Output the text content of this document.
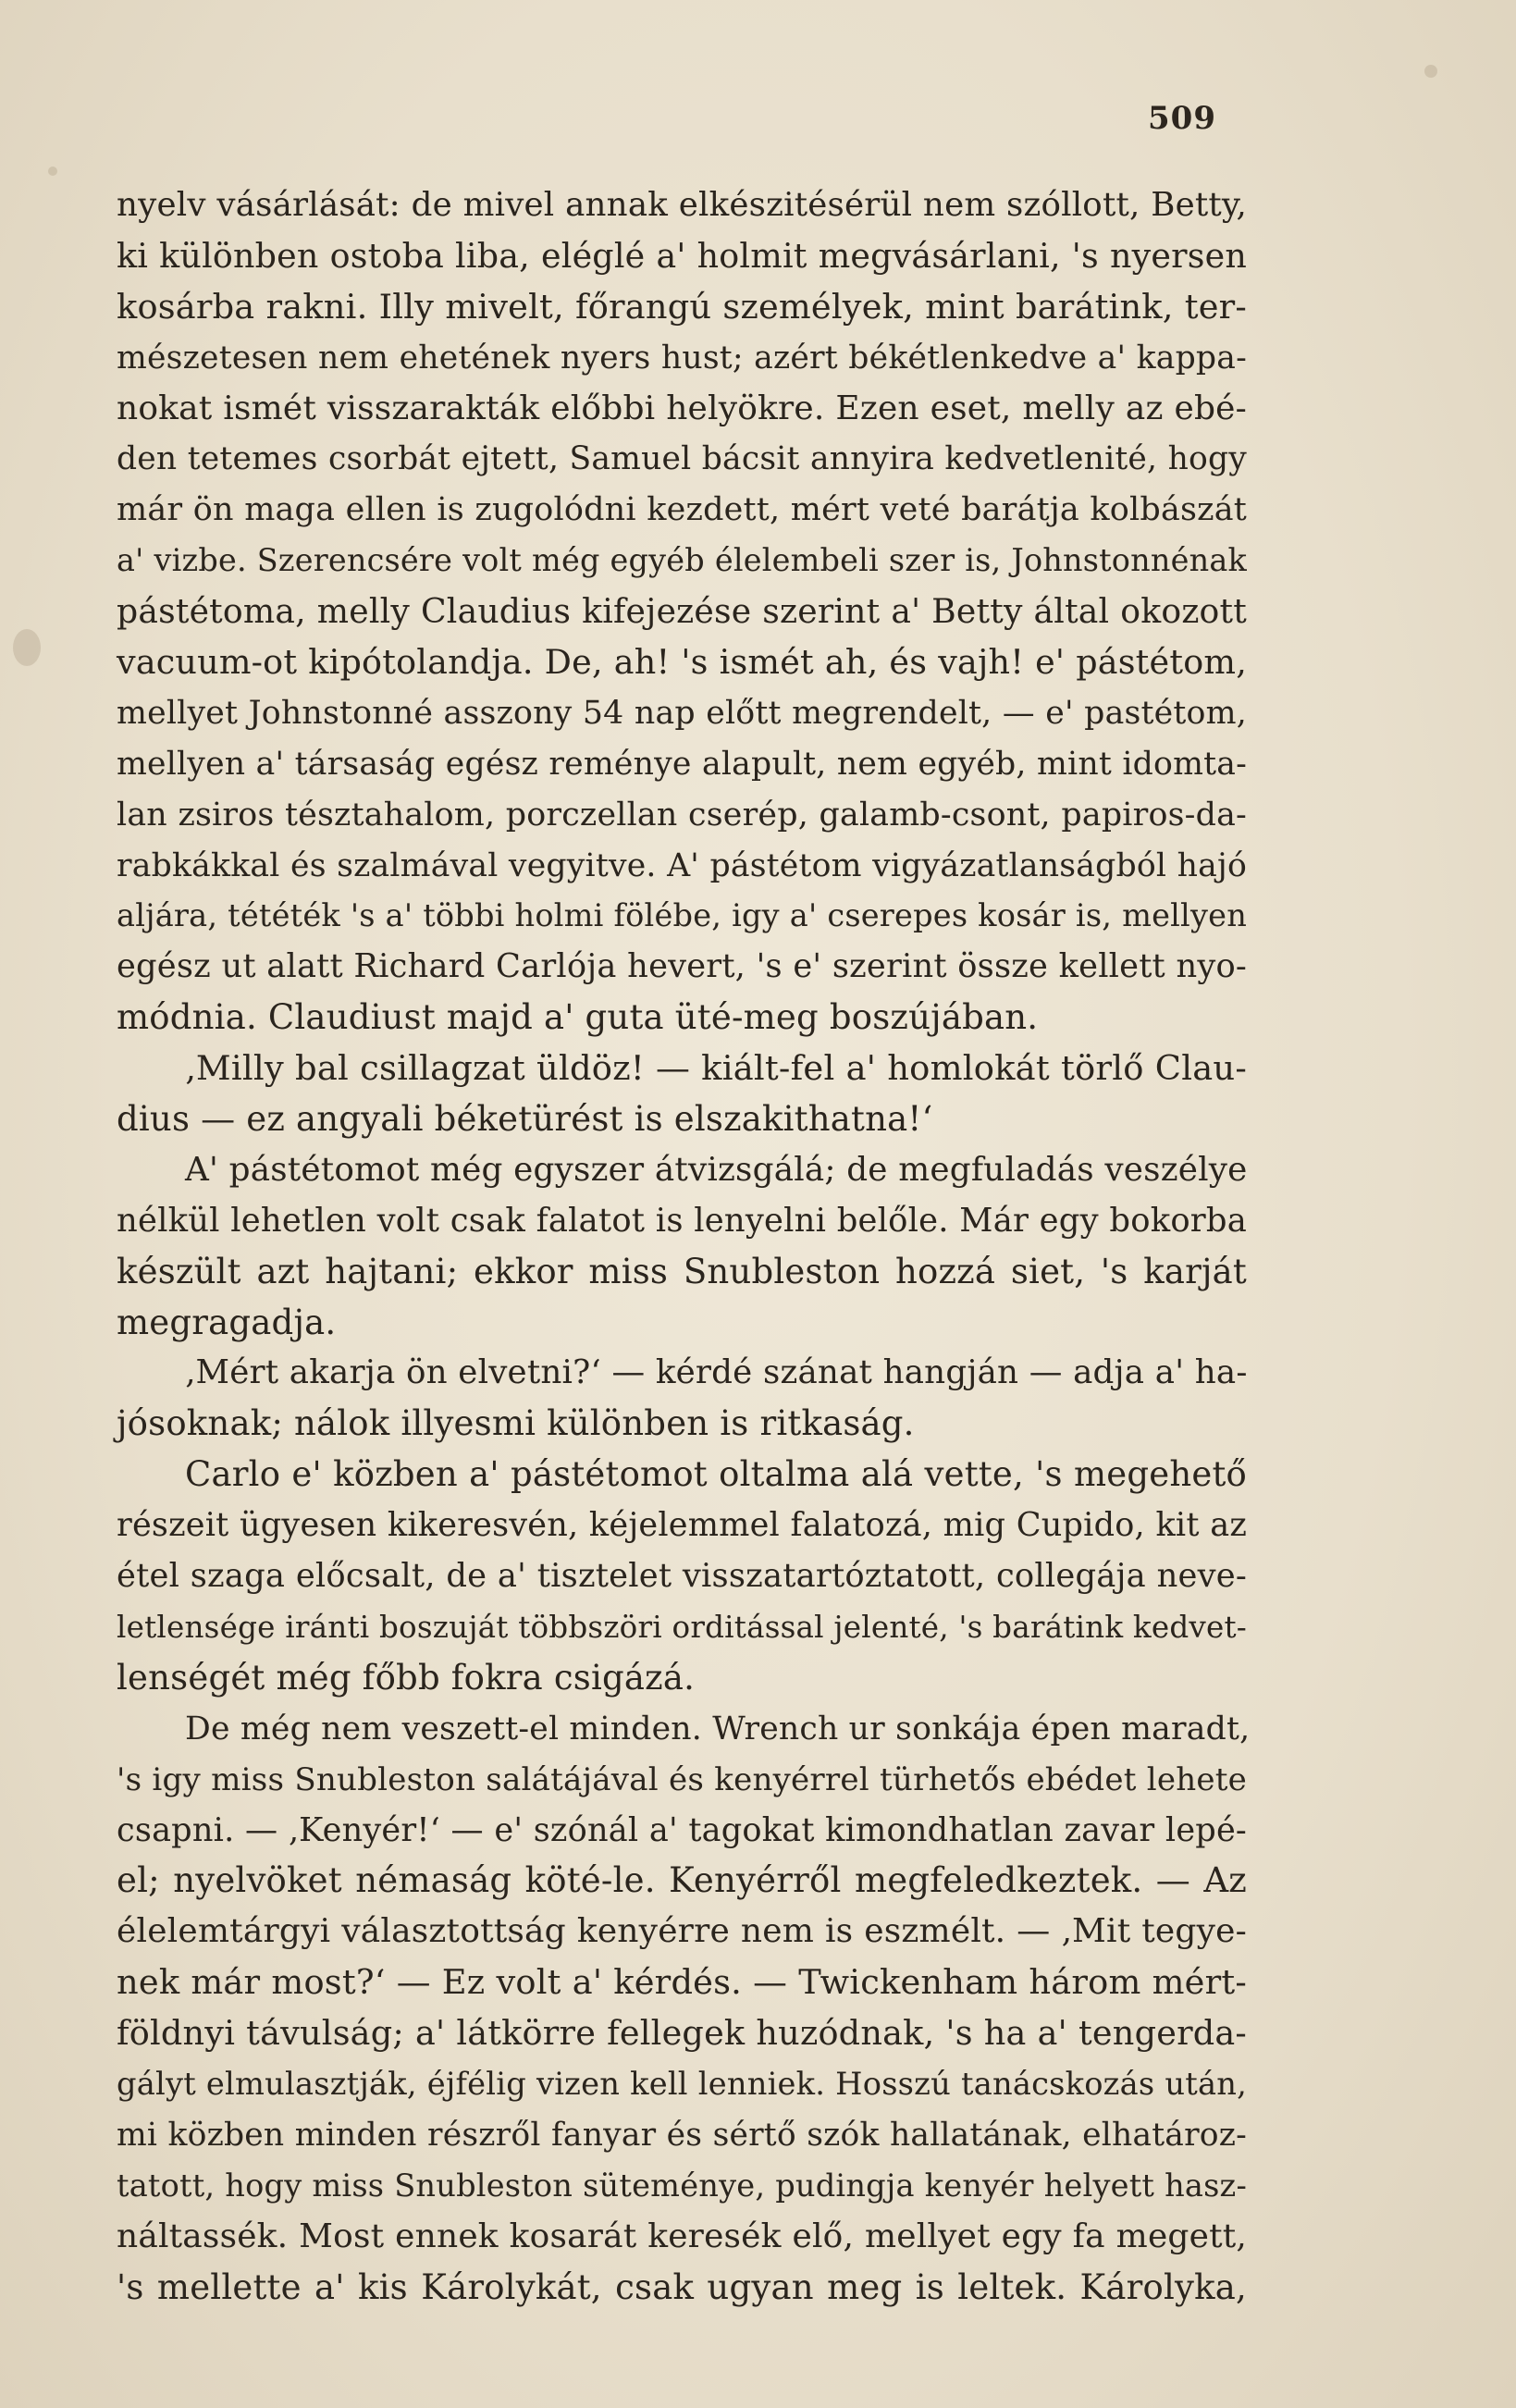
509
nyelv vásárlását: de mivel annak elkészitésérül nem szóllott, Betty,
ki különben ostoba liba, eléglé a' holmit megvásárlani, 's nyersen
kosárba rakni. Illy mivelt, főrangú személyek, mint barátink, ter-
mészetesen nem ehetének nyers hust; azért békétlenkedve a' kappa-
nokat ismét visszarakták előbbi helyökre. Ezen eset, melly az ebé-
den tetemes csorbát ejtett, Samuel bácsit annyira kedvetlenité, hogy
már ön maga ellen is zugolódni kezdett, mért veté barátja kolbászát
a' vizbe. Szerencsére volt még egyéb élelembeli szer is, Johnstonnénak
pástétoma, melly Claudius kifejezése szerint a' Betty által okozott
vacuum-ot kipótolandja. De, ah! 's ismét ah, és vajh! e' pástétom,
mellyet Johnstonné asszony 54 nap előtt megrendelt, — e' pastétom,
mellyen a' társaság egész reménye alapult, nem egyéb, mint idomta-
lan zsiros tésztahalom, porczellan cserép, galamb-csont, papiros-da-
rabkákkal és szalmával vegyitve. A' pástétom vigyázatlanságból hajó
aljára, tététék 's a' többi holmi fölébe, igy a' cserepes kosár is, mellyen
egész ut alatt Richard Carlója hevert, 's e' szerint össze kellett nyo-
módnia. Claudiust majd a' guta üté-meg boszújában.
‚Milly bal csillagzat üldöz! — kiált-fel a' homlokát törlő Clau-
dius — ez angyali béketürést is elszakithatna!‘
A' pástétomot még egyszer átvizsgálá; de megfuladás veszélye
nélkül lehetlen volt csak falatot is lenyelni belőle. Már egy bokorba
készült azt hajtani; ekkor miss Snubleston hozzá siet, 's karját
megragadja.
‚Mért akarja ön elvetni?‘ — kérdé szánat hangján — adja a' ha-
jósoknak; nálok illyesmi különben is ritkaság.
Carlo e' közben a' pástétomot oltalma alá vette, 's megehető
részeit ügyesen kikeresvén, kéjelemmel falatozá, mig Cupido, kit az
étel szaga előcsalt, de a' tisztelet visszatartóztatott, collegája neve-
letlensége iránti boszuját többszöri orditással jelenté, 's barátink kedvet-
lenségét még főbb fokra csigázá.
De még nem veszett-el minden. Wrench ur sonkája épen maradt,
's igy miss Snubleston salátájával és kenyérrel türhetős ebédet lehete
csapni. — ‚Kenyér!‘ — e' szónál a' tagokat kimondhatlan zavar lepé-
el; nyelvöket némaság köté-le. Kenyérről megfeledkeztek. — Az
élelemtárgyi választottság kenyérre nem is eszmélt. — ‚Mit tegye-
nek már most?‘ — Ez volt a' kérdés. — Twickenham három mért-
földnyi távulság; a' látkörre fellegek huzódnak, 's ha a' tengerda-
gályt elmulasztják, éjfélig vizen kell lenniek. Hosszú tanácskozás után,
mi közben minden részről fanyar és sértő szók hallatának, elhatároz-
tatott, hogy miss Snubleston süteménye, pudingja kenyér helyett hasz-
náltassék. Most ennek kosarát keresék elő, mellyet egy fa megett,
's mellette a' kis Károlykát, csak ugyan meg is leltek. Károlyka,
